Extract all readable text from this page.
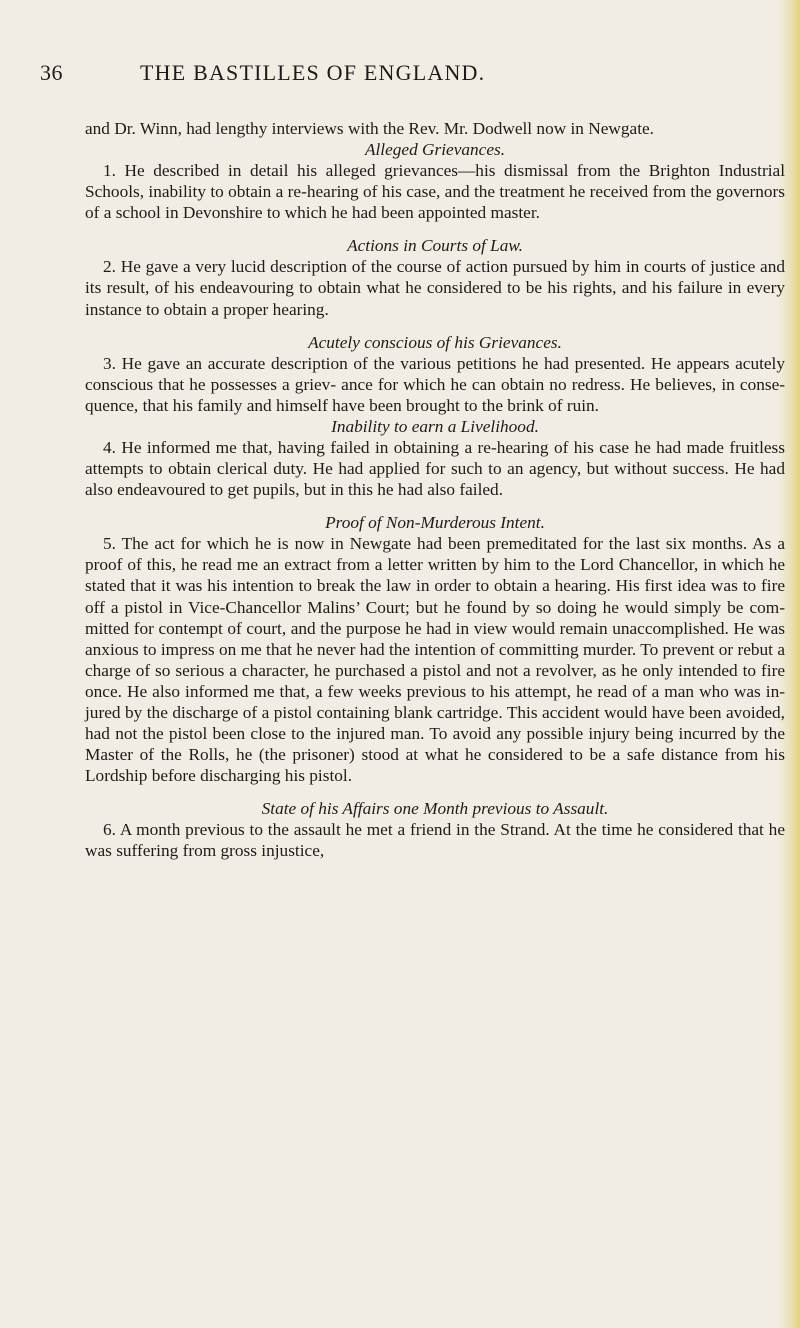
36	THE BASTILLES OF ENGLAND.

and Dr. Winn, had lengthy interviews with the Rev. Mr. Dodwell now in Newgate.

Alleged Grievances.

1. He described in detail his alleged grievances—his dismissal from the Brighton Industrial Schools, inability to obtain a re-hearing of his case, and the treatment he received from the governors of a school in Devonshire to which he had been appointed master.

Actions in Courts of Law.

2. He gave a very lucid description of the course of action pursued by him in courts of justice and its result, of his endeavouring to obtain what he considered to be his rights, and his failure in every instance to obtain a proper hearing.

Acutely conscious of his Grievances.

3. He gave an accurate description of the various petitions he had presented. He appears acutely conscious that he possesses a griev- ance for which he can obtain no redress. He believes, in conse- quence, that his family and himself have been brought to the brink of ruin.

Inability to earn a Livelihood.

4. He informed me that, having failed in obtaining a re-hearing of his case he had made fruitless attempts to obtain clerical duty. He had applied for such to an agency, but without success. He had also endeavoured to get pupils, but in this he had also failed.

Proof of Non-Murderous Intent.

5. The act for which he is now in Newgate had been premeditated for the last six months. As a proof of this, he read me an extract from a letter written by him to the Lord Chancellor, in which he stated that it was his intention to break the law in order to obtain a hearing. His first idea was to fire off a pistol in Vice-Chancellor Malins’ Court; but he found by so doing he would simply be com- mitted for contempt of court, and the purpose he had in view would remain unaccomplished. He was anxious to impress on me that he never had the intention of committing murder. To prevent or rebut a charge of so serious a character, he purchased a pistol and not a revolver, as he only intended to fire once. He also informed me that, a few weeks previous to his attempt, he read of a man who was in- jured by the discharge of a pistol containing blank cartridge. This accident would have been avoided, had not the pistol been close to the injured man. To avoid any possible injury being incurred by the Master of the Rolls, he (the prisoner) stood at what he considered to be a safe distance from his Lordship before discharging his pistol.

State of his Affairs one Month previous to Assault.

6. A month previous to the assault he met a friend in the Strand. At the time he considered that he was suffering from gross injustice,
